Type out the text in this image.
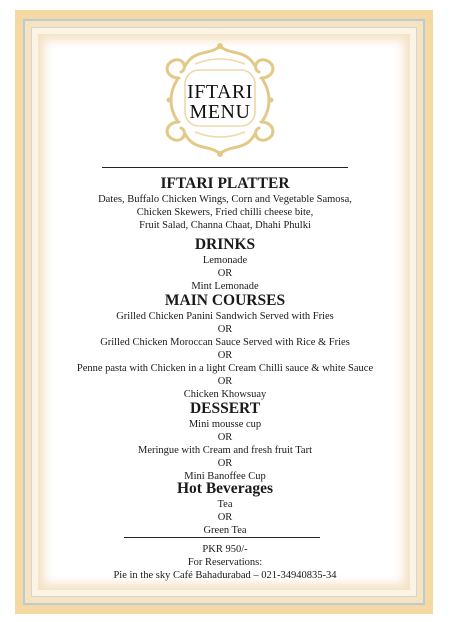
IFTARI
MENU
IFTARI PLATTER
Dates, Buffalo Chicken Wings, Corn and Vegetable Samosa,
Chicken Skewers, Fried chilli cheese bite,
Fruit Salad, Channa Chaat, Dhahi Phulki
DRINKS
Lemonade
OR
Mint Lemonade
MAIN COURSES
Grilled Chicken Panini Sandwich Served with Fries
OR
Grilled Chicken Moroccan Sauce Served with Rice & Fries
OR
Penne pasta with Chicken in a light Cream Chilli sauce & white Sauce
OR
Chicken Khowsuay
DESSERT
Mini mousse cup
OR
Meringue with Cream and fresh fruit Tart
OR
Mini Banoffee Cup
Hot Beverages
Tea
OR
Green Tea
PKR 950/-
For Reservations:
Pie in the sky Café Bahadurabad – 021-34940835-34
